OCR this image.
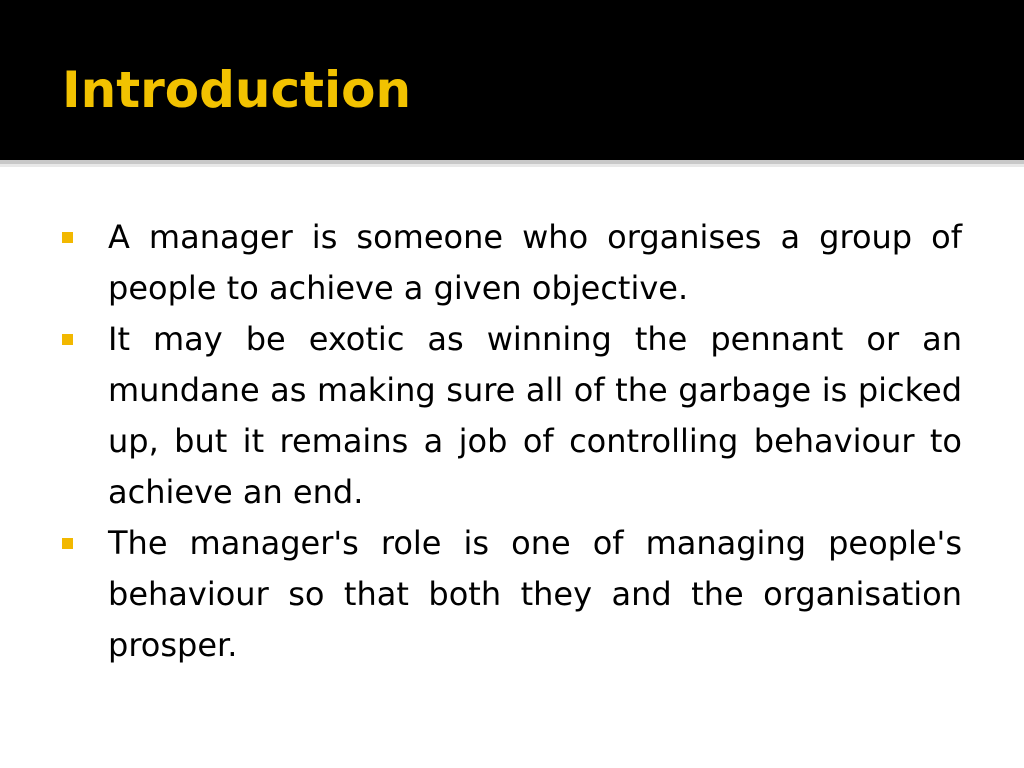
Introduction
A manager is someone who organises a group of people to achieve a given objective.
It may be exotic as winning the pennant or an mundane as making sure all of the garbage is picked up, but it remains a job of controlling behaviour to achieve an end.
The manager's role is one of managing people's behaviour so that both they and the organisation prosper.
